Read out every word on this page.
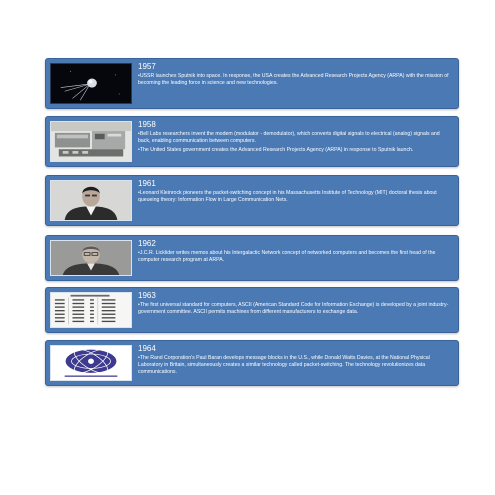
1957
•USSR launches Sputnik into space. In response, the USA creates the Advanced Research Projects Agency (ARPA) with the mission of becoming the leading force in science and new technologies.
1958
•Bell Labs researchers invent the modem (modulator - demodulator), which converts digital signals to electrical (analog) signals and back, enabling communication between computers.
•The United States government creates the Advanced Research Projects Agency (ARPA) in response to Sputnik launch.
1961
•Leonard Kleinrock pioneers the packet-switching concept in his Massachusetts Institute of Technology (MIT) doctoral thesis about queueing theory: Information Flow in Large Communication Nets.
1962
•J.C.R. Licklider writes memos about his Intergalactic Network concept of networked computers and becomes the first head of the computer research program at ARPA.
1963
•The first universal standard for computers, ASCII (American Standard Code for Information Exchange) is developed by a joint industry-government committee. ASCII permits machines from different manufacturers to exchange data.
1964
•The Rand Corporation's Paul Baran develops message blocks in the U.S., while Donald Watts Davies, at the National Physical Laboratory in Britain, simultaneously creates a similar technology called packet-switching. The technology revolutionizes data communications.
